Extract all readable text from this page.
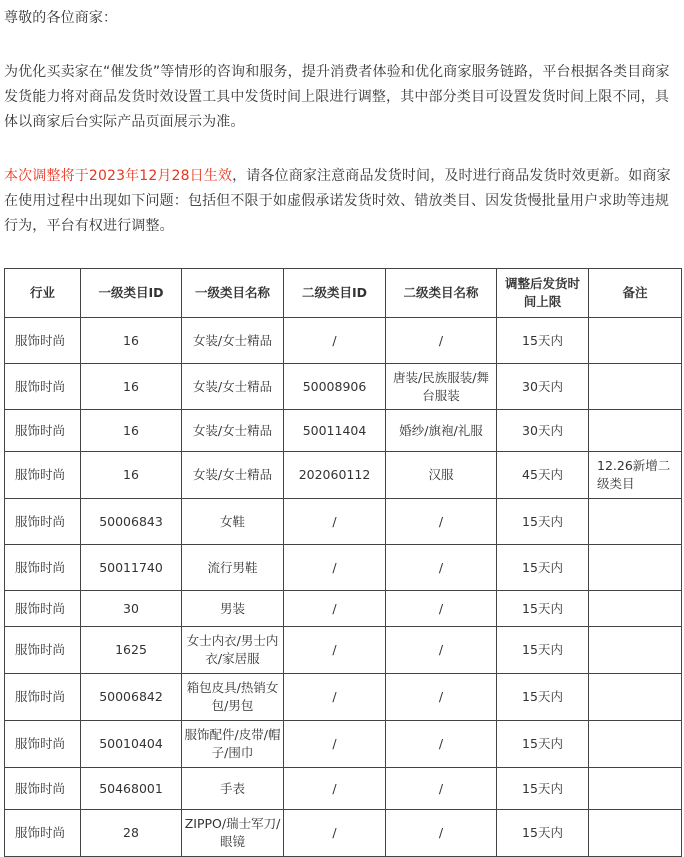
尊敬的各位商家：

为优化买卖家在“催发货”等情形的咨询和服务，提升消费者体验和优化商家服务链路，平台根据各类目商家发货能力将对商品发货时效设置工具中发货时间上限进行调整，其中部分类目可设置发货时间上限不同，具体以商家后台实际产品页面展示为准。

本次调整将于2023年12月28日生效，请各位商家注意商品发货时间，及时进行商品发货时效更新。如商家在使用过程中出现如下问题：包括但不限于如虚假承诺发货时效、错放类目、因发货慢批量用户求助等违规行为，平台有权进行调整。

行业	一级类目ID	一级类目名称	二级类目ID	二级类目名称	调整后发货时间上限	备注
服饰时尚	16	女装/女士精品	/	/	15天内	
服饰时尚	16	女装/女士精品	50008906	唐装/民族服装/舞台服装	30天内	
服饰时尚	16	女装/女士精品	50011404	婚纱/旗袍/礼服	30天内	
服饰时尚	16	女装/女士精品	202060112	汉服	45天内	12.26新增二级类目
服饰时尚	50006843	女鞋	/	/	15天内	
服饰时尚	50011740	流行男鞋	/	/	15天内	
服饰时尚	30	男装	/	/	15天内	
服饰时尚	1625	女士内衣/男士内衣/家居服	/	/	15天内	
服饰时尚	50006842	箱包皮具/热销女包/男包	/	/	15天内	
服饰时尚	50010404	服饰配件/皮带/帽子/围巾	/	/	15天内	
服饰时尚	50468001	手表	/	/	15天内	
服饰时尚	28	ZIPPO/瑞士军刀/眼镜	/	/	15天内	
